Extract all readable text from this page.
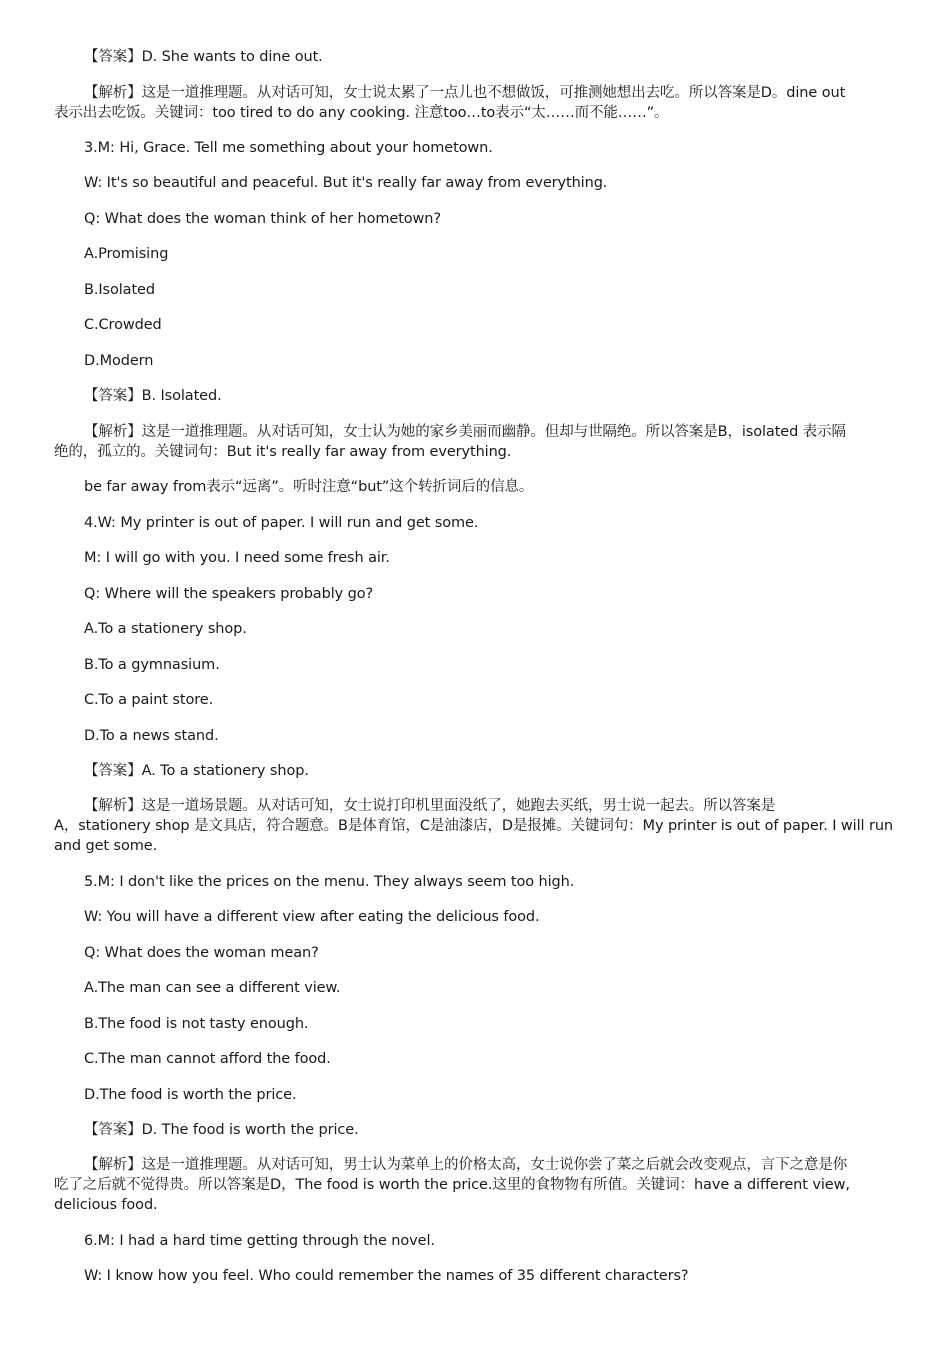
【答案】D. She wants to dine out.
【解析】这是一道推理题。从对话可知，女士说太累了一点儿也不想做饭，可推测她想出去吃。所以答案是D。dine out
表示出去吃饭。关键词：too tired to do any cooking. 注意too…to表示“太……而不能……”。
3.M: Hi, Grace. Tell me something about your hometown.
W: It's so beautiful and peaceful. But it's really far away from everything.
Q: What does the woman think of her hometown?
A.Promising
B.Isolated
C.Crowded
D.Modern
【答案】B. Isolated.
【解析】这是一道推理题。从对话可知，女士认为她的家乡美丽而幽静。但却与世隔绝。所以答案是B，isolated 表示隔
绝的，孤立的。关键词句：But it's really far away from everything.
be far away from表示“远离”。听时注意“but”这个转折词后的信息。
4.W: My printer is out of paper. I will run and get some.
M: I will go with you. I need some fresh air.
Q: Where will the speakers probably go?
A.To a stationery shop.
B.To a gymnasium.
C.To a paint store.
D.To a news stand.
【答案】A. To a stationery shop.
【解析】这是一道场景题。从对话可知，女士说打印机里面没纸了，她跑去买纸，男士说一起去。所以答案是
A，stationery shop 是文具店，符合题意。B是体育馆，C是油漆店，D是报摊。关键词句：My printer is out of paper. I will run
and get some.
5.M: I don't like the prices on the menu. They always seem too high.
W: You will have a different view after eating the delicious food.
Q: What does the woman mean?
A.The man can see a different view.
B.The food is not tasty enough.
C.The man cannot afford the food.
D.The food is worth the price.
【答案】D. The food is worth the price.
【解析】这是一道推理题。从对话可知，男士认为菜单上的价格太高，女士说你尝了菜之后就会改变观点，言下之意是你
吃了之后就不觉得贵。所以答案是D，The food is worth the price.这里的食物物有所值。关键词：have a different view,
delicious food.
6.M: I had a hard time getting through the novel.
W: I know how you feel. Who could remember the names of 35 different characters?
